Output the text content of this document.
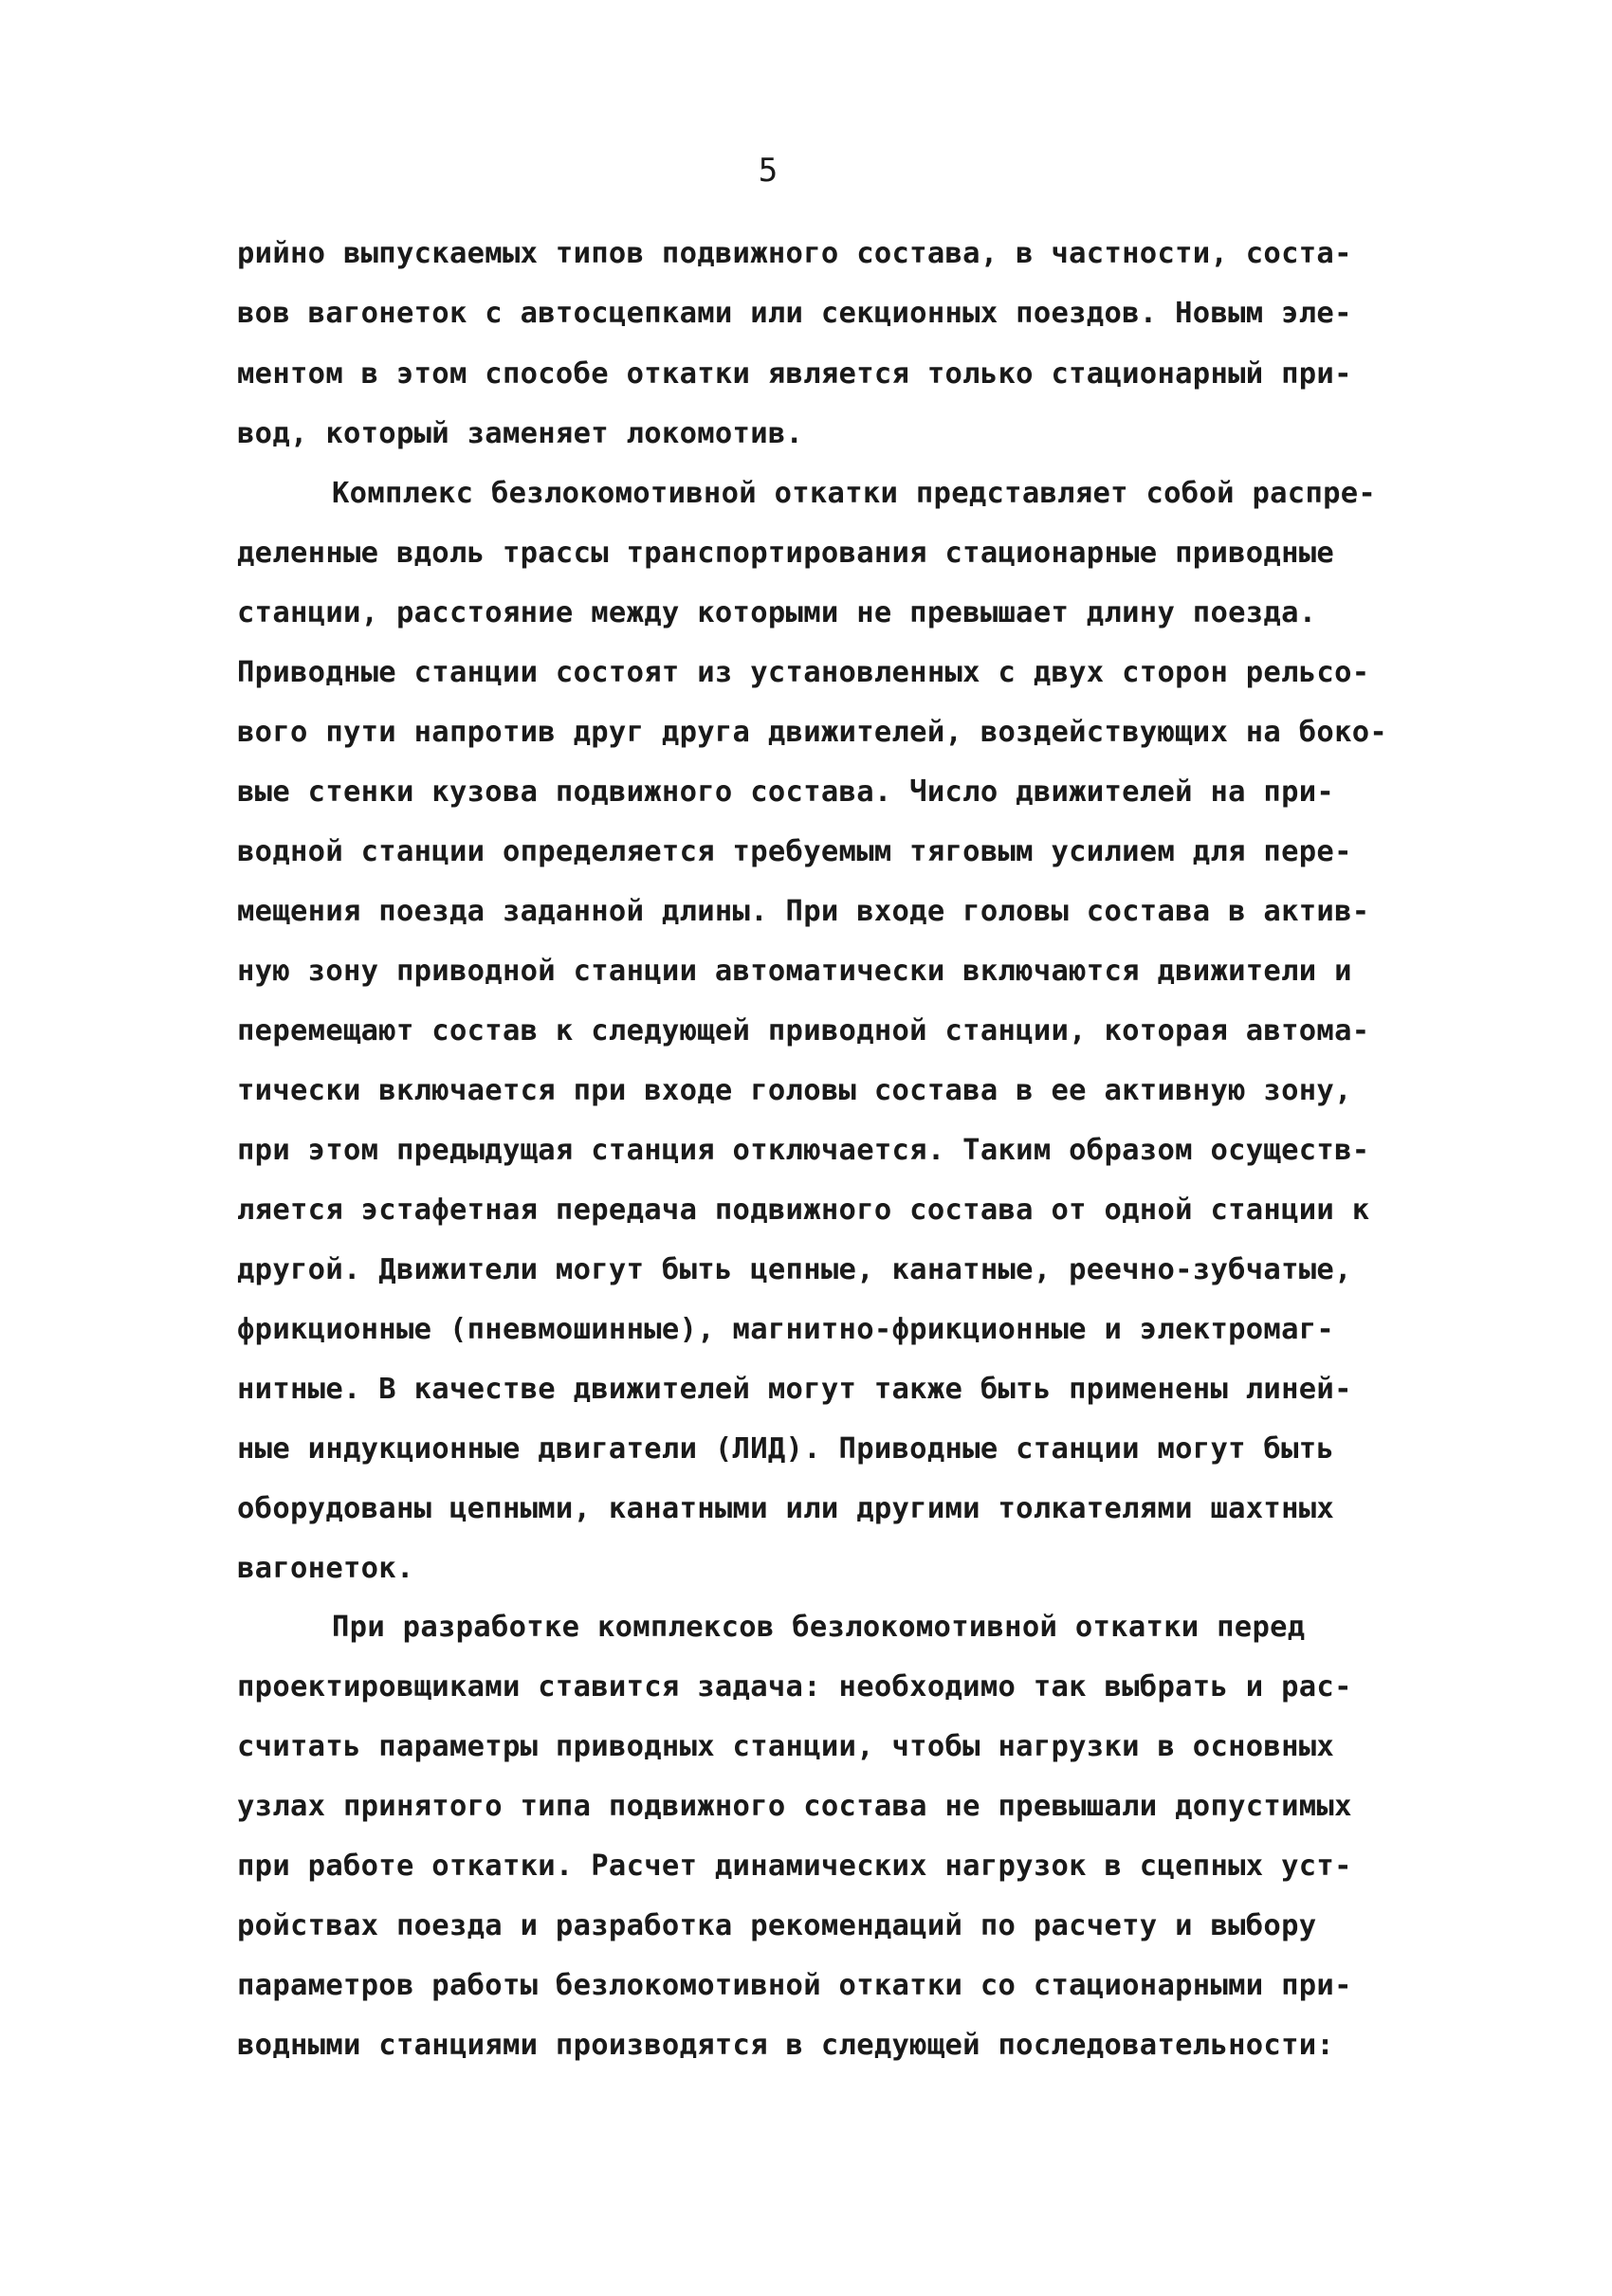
5

рийно выпускаемых типов подвижного состава, в частности, соста-

вов вагонеток с автосцепками или секционных поездов. Новым эле-

ментом в этом способе откатки является только стационарный при-

вод, который заменяет локомотив.

Комплекс безлокомотивной откатки представляет собой распре-

деленные вдоль трассы транспортирования стационарные приводные

станции, расстояние между которыми не превышает длину поезда.

Приводные станции состоят из установленных с двух сторон рельсо-

вого пути напротив друг друга движителей, воздействующих на боко-

вые стенки кузова подвижного состава. Число движителей на при-

водной станции определяется требуемым тяговым усилием для пере-

мещения поезда заданной длины. При входе головы состава в актив-

ную зону приводной станции автоматически включаются движители и

перемещают состав к следующей приводной станции, которая автома-

тически включается при входе головы состава в ее активную зону,

при этом предыдущая станция отключается. Таким образом осуществ-

ляется эстафетная передача подвижного состава от одной станции к

другой. Движители могут быть цепные, канатные, реечно-зубчатые,

фрикционные (пневмошинные), магнитно-фрикционные и электромаг-

нитные. В качестве движителей могут также быть применены линей-

ные индукционные двигатели (ЛИД). Приводные станции могут быть

оборудованы цепными, канатными или другими толкателями шахтных

вагонеток.

При разработке комплексов безлокомотивной откатки перед

проектировщиками ставится задача: необходимо так выбрать и рас-

считать параметры приводных станции, чтобы нагрузки в основных

узлах принятого типа подвижного состава не превышали допустимых

при работе откатки. Расчет динамических нагрузок в сцепных уст-

ройствах поезда и разработка рекомендаций по расчету и выбору

параметров работы безлокомотивной откатки со стационарными при-

водными станциями производятся в следующей последовательности:
